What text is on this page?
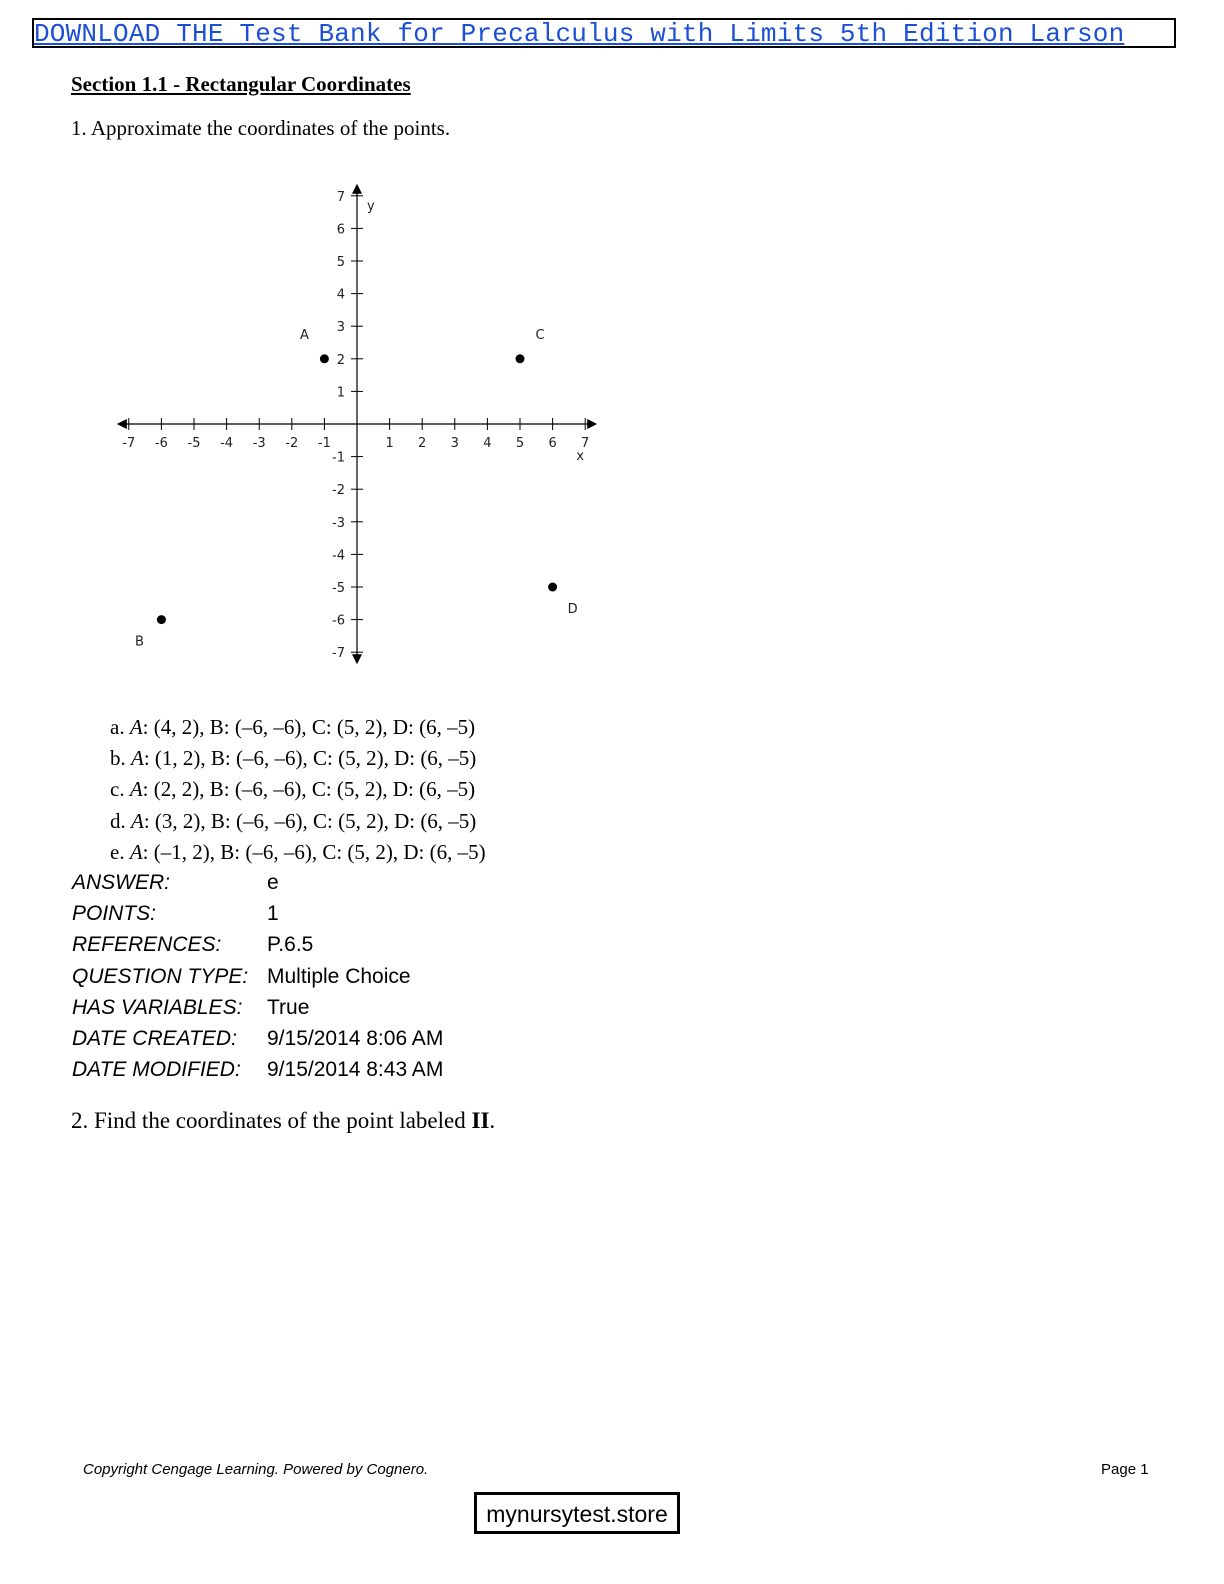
DOWNLOAD THE Test Bank for Precalculus with Limits 5th Edition Larson
Section 1.1 - Rectangular Coordinates
1. Approximate the coordinates of the points.
-7 -6 -5 -4 -3 -2 -1	1 2 3 4 5 6 7
-7
-6
-5
-4
-3
-2
-1
1
2
3
4
5
6
7
x
y
A
B
C
D
a. A: (4, 2), B: (–6, –6), C: (5, 2), D: (6, –5)
b. A: (1, 2), B: (–6, –6), C: (5, 2), D: (6, –5)
c. A: (2, 2), B: (–6, –6), C: (5, 2), D: (6, –5)
d. A: (3, 2), B: (–6, –6), C: (5, 2), D: (6, –5)
e. A: (–1, 2), B: (–6, –6), C: (5, 2), D: (6, –5)
ANSWER:	e
POINTS:	1
REFERENCES:	P.6.5
QUESTION TYPE: Multiple Choice
HAS VARIABLES:	True
DATE CREATED:	9/15/2014 8:06 AM
DATE MODIFIED:	9/15/2014 8:43 AM
2. Find the coordinates of the point labeled II.
Copyright Cengage Learning. Powered by Cognero.	Page 1
mynursytest.store
